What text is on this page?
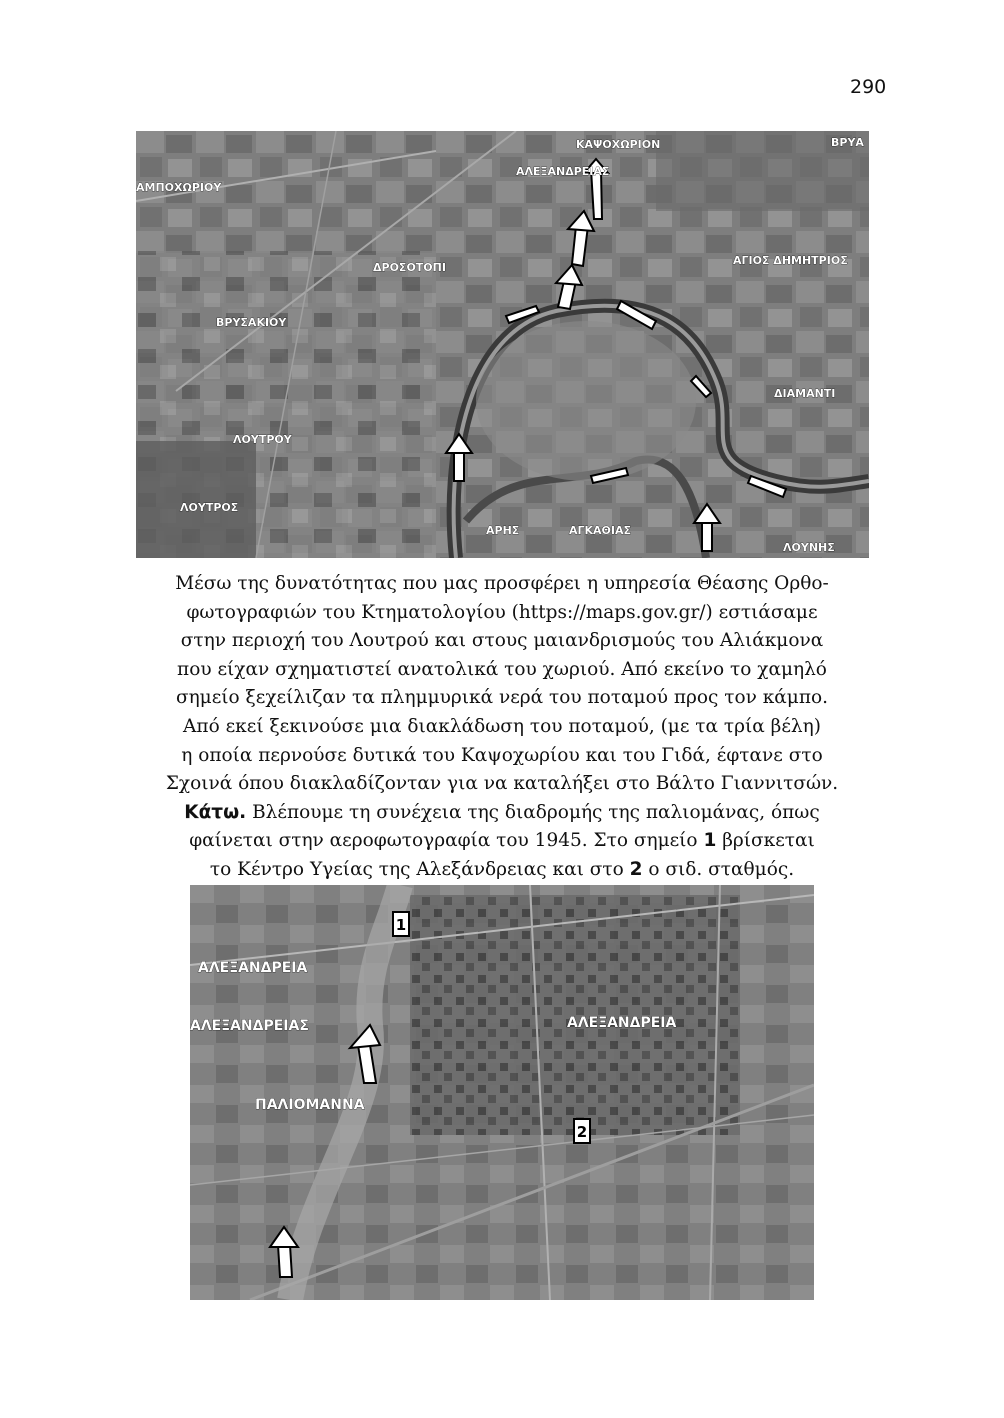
290
ΚΑΨΟΧΩΡΙΟΝ	ΒΡΥΑ
ΑΛΕΞΑΝΔΡΕΙΑΣ
ΑΜΠΟΧΩΡΙΟΥ
ΔΡΟΣΟΤΟΠΙ
ΑΓΙΟΣ ΔΗΜΗΤΡΙΟΣ
ΒΡΥΣΑΚΙΟΥ
ΔΙΑΜΑΝΤΙ
ΛΟΥΤΡΟΥ
ΛΟΥΤΡΟΣ
ΑΡΗΣ	ΑΓΚΑΘΙΑΣ
ΛΟΥΝΗΣ

Μέσω της δυνατότητας που μας προσφέρει η υπηρεσία Θέασης Ορθο-

φωτογραφιών του Κτηματολογίου (https://maps.gov.gr/) εστιάσαμε

στην περιοχή του Λουτρού και στους μαιανδρισμούς του Αλιάκμονα

που είχαν σχηματιστεί ανατολικά του χωριού. Από εκείνο το χαμηλό

σημείο ξεχείλιζαν τα πλημμυρικά νερά του ποταμού προς τον κάμπο.

Από εκεί ξεκινούσε μια διακλάδωση του ποταμού, (με τα τρία βέλη)

η οποία περνούσε δυτικά του Καψοχωρίου και του Γιδά, έφτανε στο

Σχοινά όπου διακλαδίζονταν για να καταλήξει στο Βάλτο Γιαννιτσών.

Κάτω. Βλέπουμε τη συνέχεια της διαδρομής της παλιομάνας, όπως

φαίνεται στην αεροφωτογραφία του 1945. Στο σημείο 1 βρίσκεται

το Κέντρο Υγείας της Αλεξάνδρειας και στο 2 ο σιδ. σταθμός.

1
2
ΑΛΕΞΑΝΔΡΕΙΑ
ΑΛΕΞΑΝΔΡΕΙΑΣ
ΠΑΛΙΟΜΑΝΝΑ
ΑΛΕΞΑΝΔΡΕΙΑ
